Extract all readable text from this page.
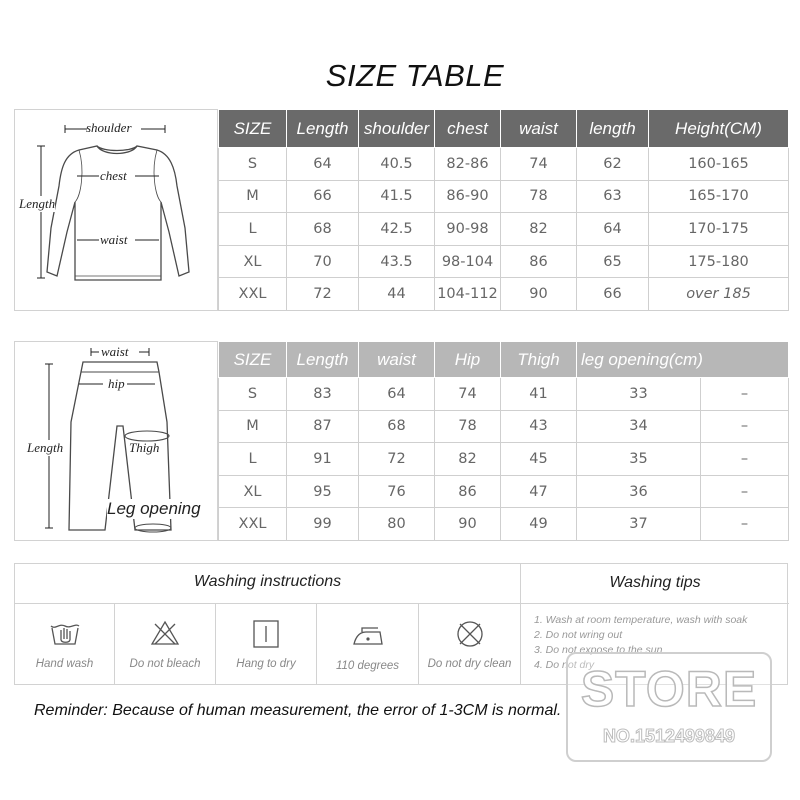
SIZE TABLE
shoulder
chest
Length
waist
SIZE	Length	shoulder	chest	waist	length	Height(CM)
S	64	40.5	82-86	74	62	160-165
M	66	41.5	86-90	78	63	165-170
L	68	42.5	90-98	82	64	170-175
XL	70	43.5	98-104	86	65	175-180
XXL	72	44	104-112	90	66	over 185
waist
hip
Length	Thigh
Leg opening
SIZE	Length	waist	Hip	Thigh	leg opening(cm)	
S	83	64	74	41	33	–
M	87	68	78	43	34	–
L	91	72	82	45	35	–
XL	95	76	86	47	36	–
XXL	99	80	90	49	37	–
Washing instructions	Washing tips
Hand wash	Do not bleach	Hang to dry	110 degrees	Do not dry clean
1. Wash at room temperature, wash with soak
2. Do not wring out
3. Do not expose to the sun
4. Do not dry
Reminder: Because of human measurement, the error of 1-3CM is normal. STORE
NO.1512499849
